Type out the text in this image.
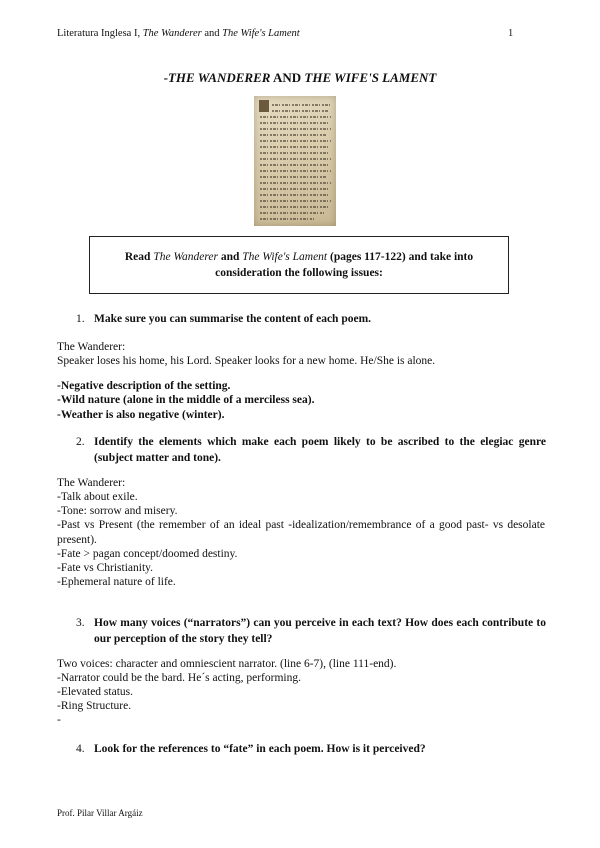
Literatura Inglesa I, The Wanderer and The Wife's Lament	1
-THE WANDERER AND THE WIFE'S LAMENT
Read The Wanderer and The Wife's Lament (pages 117-122) and take into consideration the following issues:
1. Make sure you can summarise the content of each poem.
The Wanderer:
Speaker loses his home, his Lord. Speaker looks for a new home. He/She is alone.
-Negative description of the setting.
-Wild nature (alone in the middle of a merciless sea).
-Weather is also negative (winter).
2. Identify the elements which make each poem likely to be ascribed to the elegiac genre (subject matter and tone).
The Wanderer:
-Talk about exile.
-Tone: sorrow and misery.
-Past vs Present (the remember of an ideal past -idealization/remembrance of a good past- vs desolate present).
-Fate > pagan concept/doomed destiny.
-Fate vs Christianity.
-Ephemeral nature of life.
3. How many voices (“narrators”) can you perceive in each text? How does each contribute to our perception of the story they tell?
Two voices: character and omniescient narrator. (line 6-7), (line 111-end).
-Narrator could be the bard. He´s acting, performing.
-Elevated status.
-Ring Structure.
-
4. Look for the references to “fate” in each poem. How is it perceived?
Prof. Pilar Villar Argáiz
